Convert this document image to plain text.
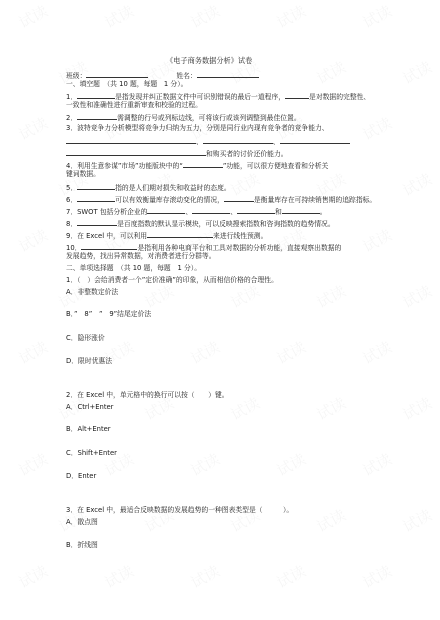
《电子商务数据分析》试卷
班级：	姓名：
一、填空题　（共 10 题，每题　1 分）。
1．	是指发现并纠正数据文件中可识别错误的最后一道程序，	是对数据的完整性、
一致性和准确性进行重新审查和校验的过程。
2．	需调整的行号或列标边线，可将该行或该列调整到最佳位置。
3．波特竞争力分析模型将竞争力归纳为五力，分别是同行业内现有竞争者的竞争能力、
、	、
和购买者的讨价还价能力。
4．利用生意参谋”市场”功能版块中的“	”功能，可以很方便地查看和分析关
键词数据。
5．	指的是人们期对损失和收益时的态度。
6．	可以有效衡量库存滚动变化的情况，	是衡量库存在可持续销售期的追踪指标。
7．SWOT 包括分析企业的	、	、	和	。
8．	是百度指数的默认显示模块，可以反映搜索指数和咨询指数的趋势情况。
9．在 Excel 中，可以利用	来进行线性预测。
10．	是指利用各种电商平台和工具对数据的分析功能，直接观察出数据的
发展趋势，找出异常数据，对消费者进行分群等。
二、单项选择题　（共 10 题，每题　1 分）。
1．（　）会给消费者一个”定价准确”的印象，从而相信价格的合理性。
A．非整数定价法
B．”　8”　”　9”结尾定价法
C．隐形涨价
D．限时优惠法
2．在 Excel 中，单元格中的换行可以按（　　）键。
A．Ctrl+Enter
B．Alt+Enter
C．Shift+Enter
D．Enter
3．在 Excel 中，最适合反映数据的发展趋势的一种图表类型是（　　　）。
A．散点图
B．折线图
